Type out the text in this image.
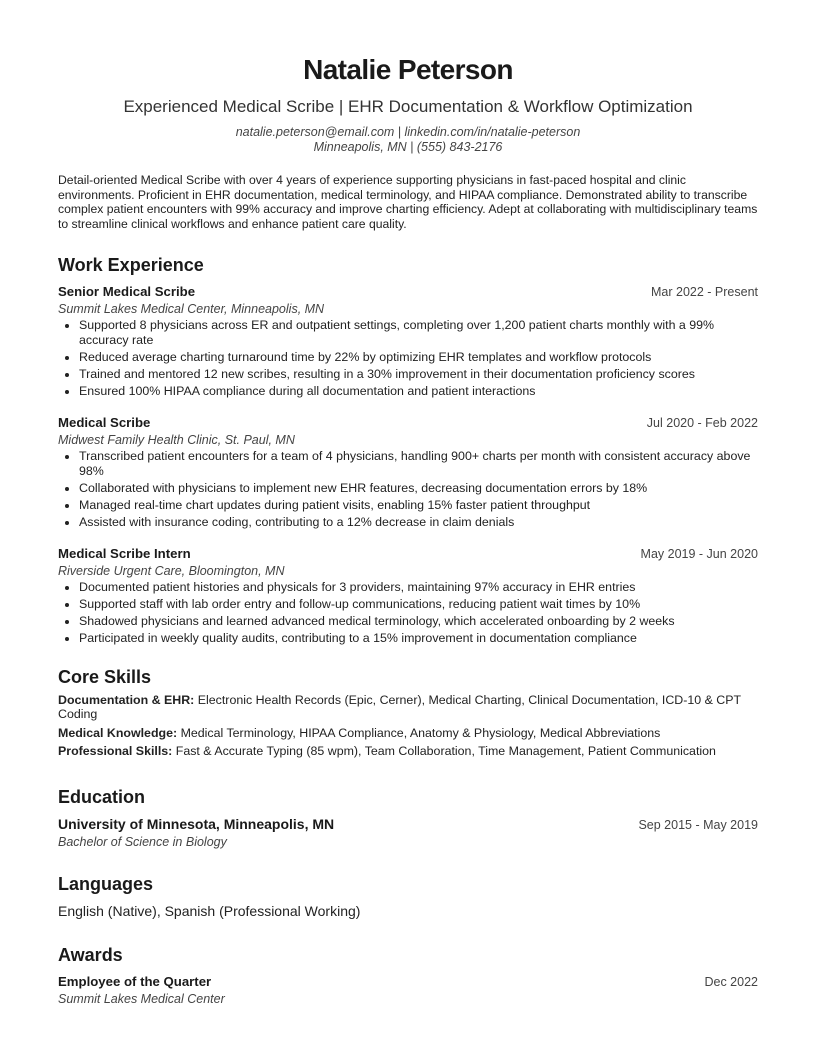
Natalie Peterson
Experienced Medical Scribe | EHR Documentation & Workflow Optimization
natalie.peterson@email.com | linkedin.com/in/natalie-peterson
Minneapolis, MN | (555) 843-2176
Detail-oriented Medical Scribe with over 4 years of experience supporting physicians in fast-paced hospital and clinic environments. Proficient in EHR documentation, medical terminology, and HIPAA compliance. Demonstrated ability to transcribe complex patient encounters with 99% accuracy and improve charting efficiency. Adept at collaborating with multidisciplinary teams to streamline clinical workflows and enhance patient care quality.
Work Experience
Senior Medical Scribe	Mar 2022 - Present
Summit Lakes Medical Center, Minneapolis, MN
• Supported 8 physicians across ER and outpatient settings, completing over 1,200 patient charts monthly with a 99% accuracy rate
• Reduced average charting turnaround time by 22% by optimizing EHR templates and workflow protocols
• Trained and mentored 12 new scribes, resulting in a 30% improvement in their documentation proficiency scores
• Ensured 100% HIPAA compliance during all documentation and patient interactions
Medical Scribe	Jul 2020 - Feb 2022
Midwest Family Health Clinic, St. Paul, MN
• Transcribed patient encounters for a team of 4 physicians, handling 900+ charts per month with consistent accuracy above 98%
• Collaborated with physicians to implement new EHR features, decreasing documentation errors by 18%
• Managed real-time chart updates during patient visits, enabling 15% faster patient throughput
• Assisted with insurance coding, contributing to a 12% decrease in claim denials
Medical Scribe Intern	May 2019 - Jun 2020
Riverside Urgent Care, Bloomington, MN
• Documented patient histories and physicals for 3 providers, maintaining 97% accuracy in EHR entries
• Supported staff with lab order entry and follow-up communications, reducing patient wait times by 10%
• Shadowed physicians and learned advanced medical terminology, which accelerated onboarding by 2 weeks
• Participated in weekly quality audits, contributing to a 15% improvement in documentation compliance
Core Skills
Documentation & EHR: Electronic Health Records (Epic, Cerner), Medical Charting, Clinical Documentation, ICD-10 & CPT Coding
Medical Knowledge: Medical Terminology, HIPAA Compliance, Anatomy & Physiology, Medical Abbreviations
Professional Skills: Fast & Accurate Typing (85 wpm), Team Collaboration, Time Management, Patient Communication
Education
University of Minnesota, Minneapolis, MN	Sep 2015 - May 2019
Bachelor of Science in Biology
Languages
English (Native), Spanish (Professional Working)
Awards
Employee of the Quarter	Dec 2022
Summit Lakes Medical Center
